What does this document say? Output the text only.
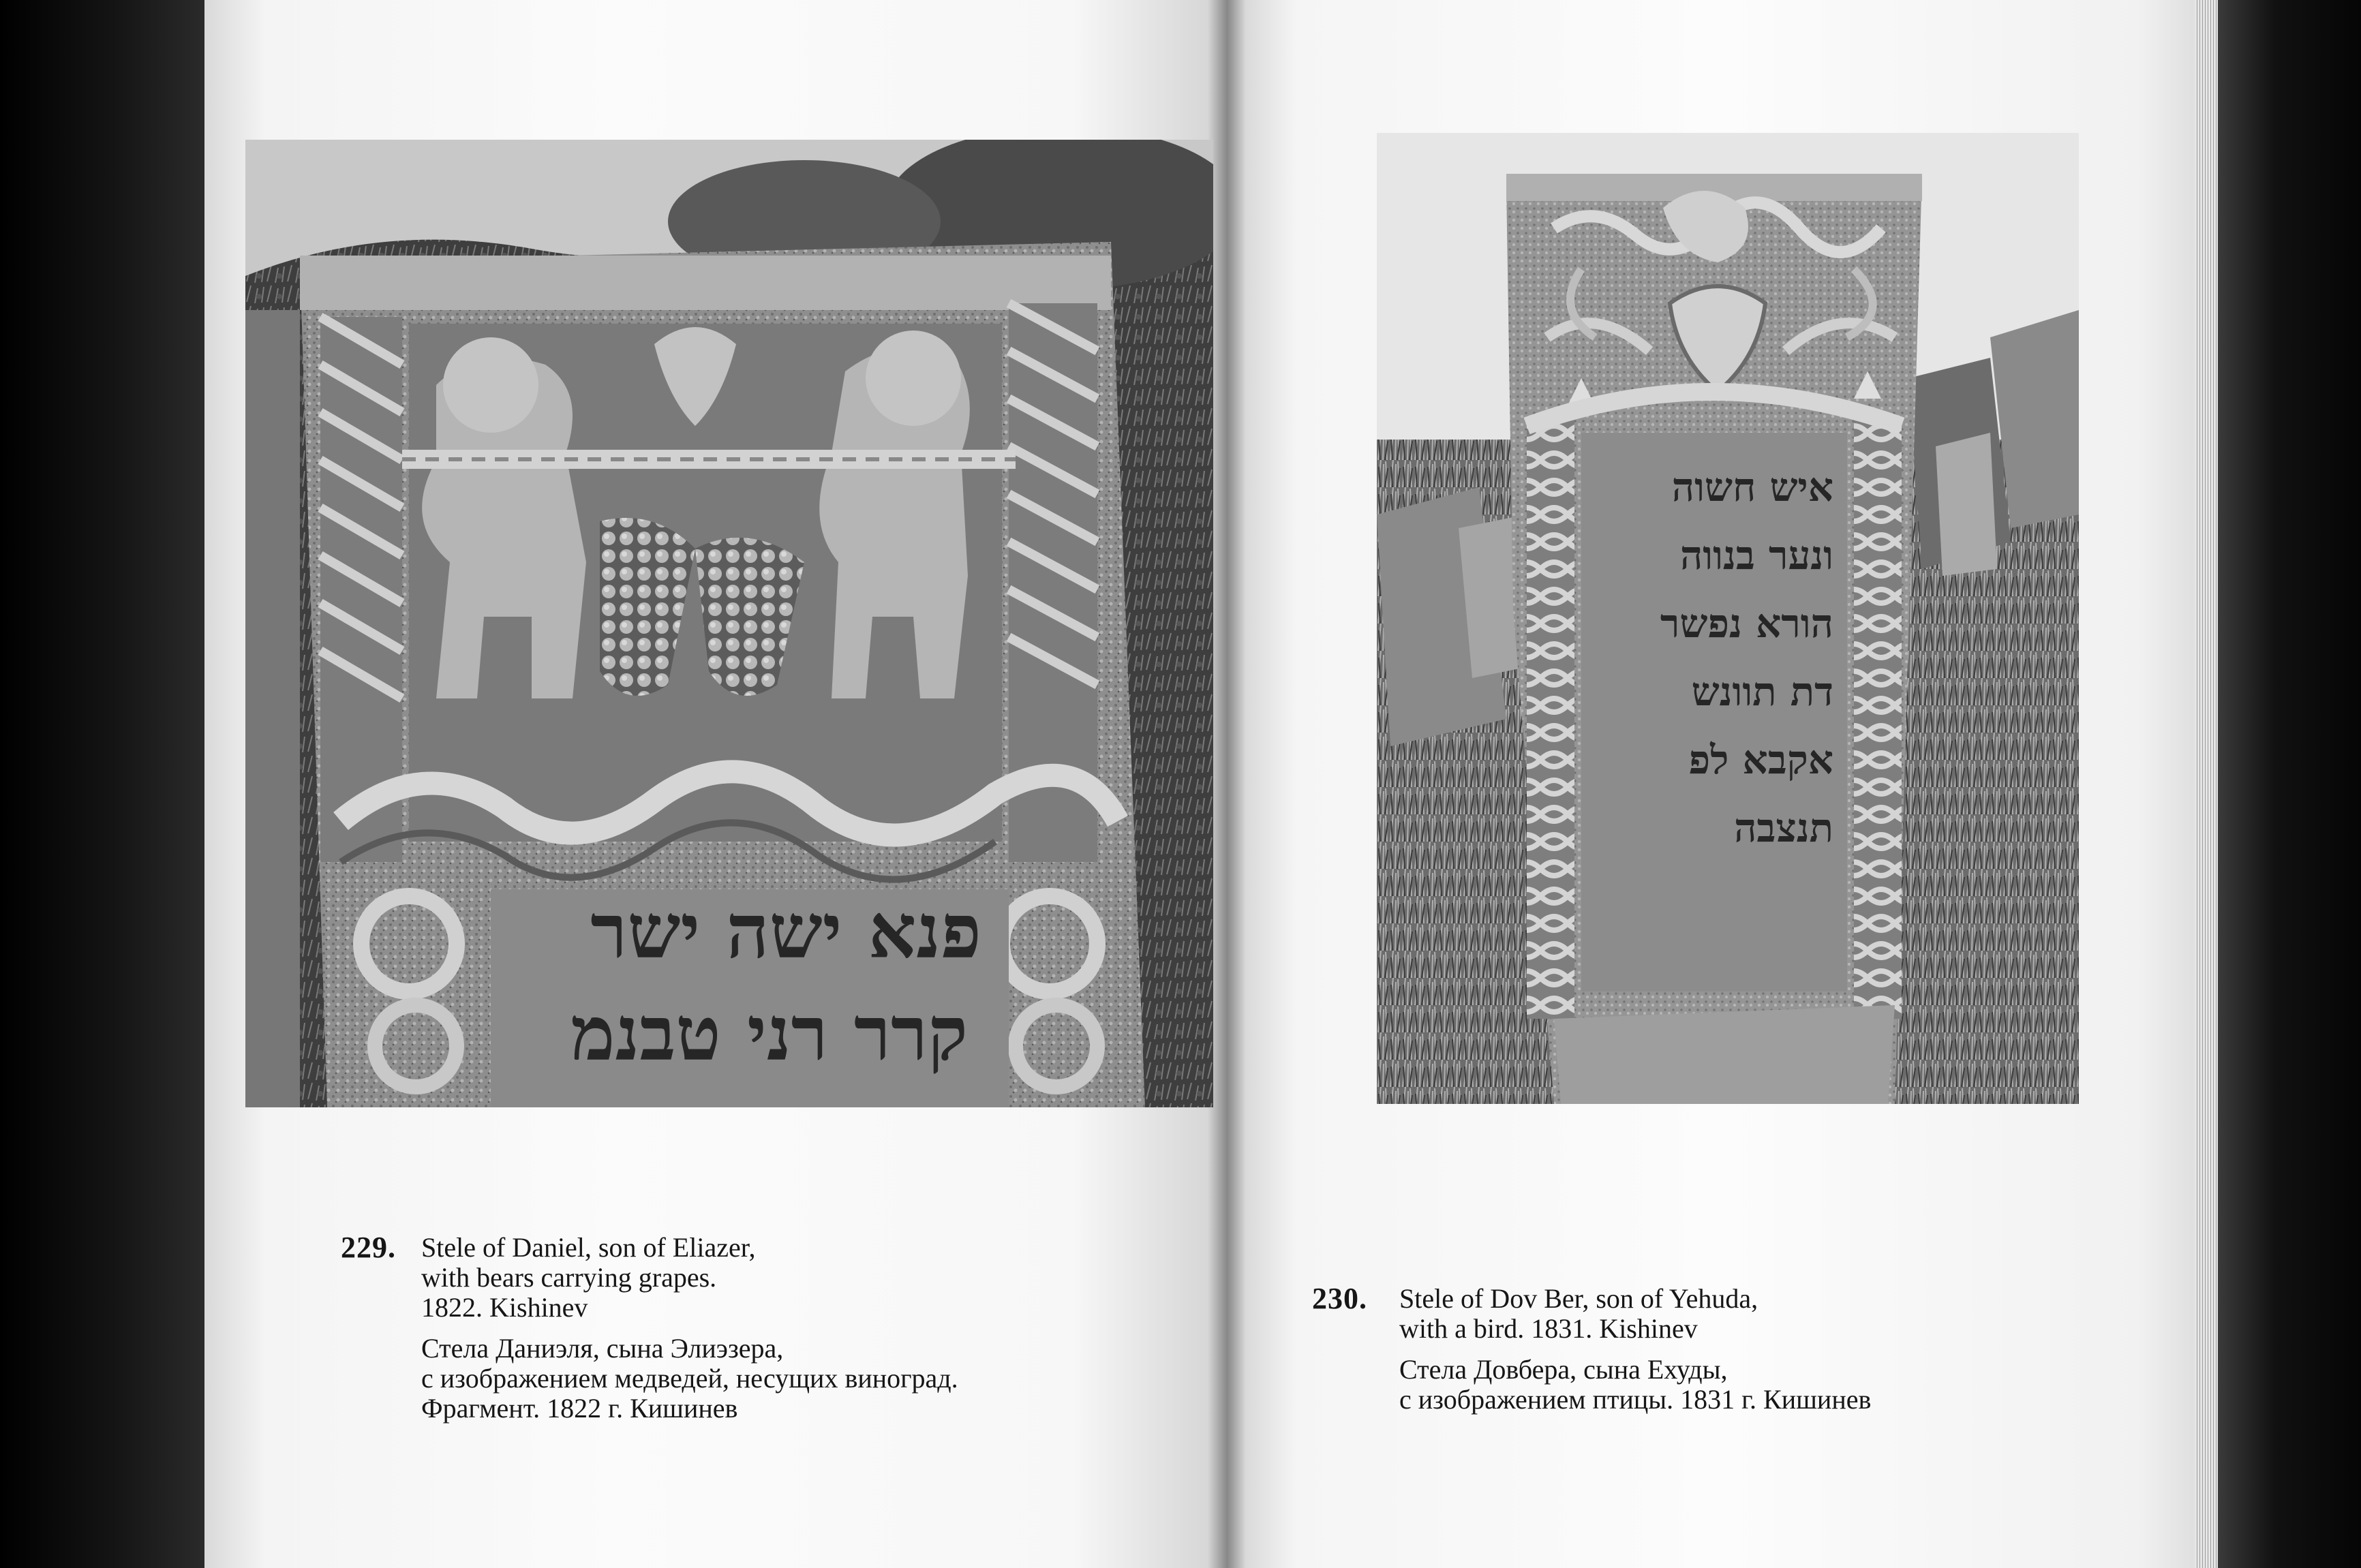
פנא ישה ישר
קרר רני טבנמ
איש חשוה
ונער בנווה
הורא נפשר
דת תוונש
אקבא לפ
תנצבה
229. Stele of Daniel, son of Eliazer,
with bears carrying grapes.
1822. Kishinev
Стела Даниэля, сына Элиэзера,
с изображением медведей, несущих виноград.
Фрагмент. 1822 г. Кишинев
230. Stele of Dov Ber, son of Yehuda,
with a bird. 1831. Kishinev
Стела Довбера, сына Ехуды,
с изображением птицы. 1831 г. Кишинев
